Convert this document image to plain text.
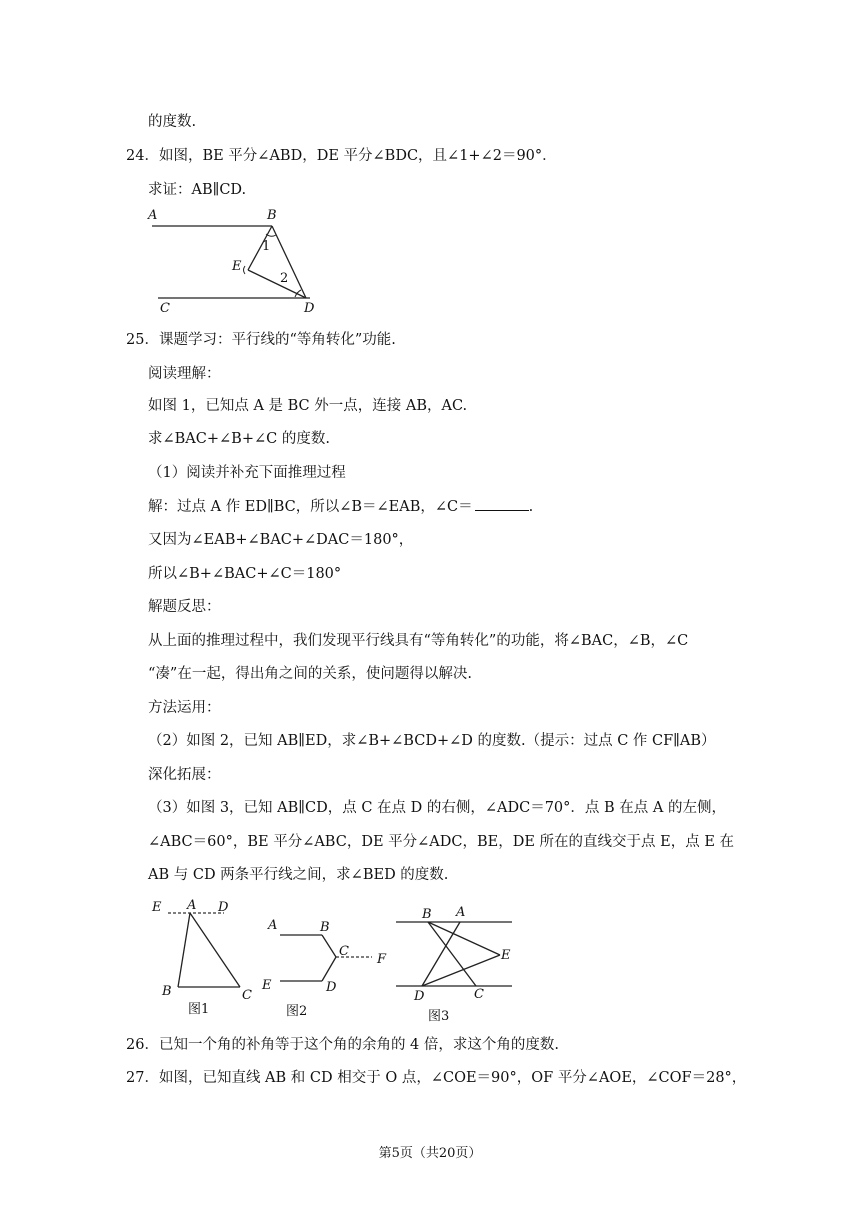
的度数.
24．如图，BE 平分∠ABD，DE 平分∠BDC，且∠1+∠2＝90°．
求证：AB∥CD.
A	B
E
1
2
C	D
25．课题学习：平行线的“等角转化”功能.
阅读理解：
如图 1，已知点 A 是 BC 外一点，连接 AB，AC.
求∠BAC+∠B+∠C 的度数.
（1）阅读并补充下面推理过程
解：过点 A 作 ED∥BC，所以∠B＝∠EAB，∠C＝	.
又因为∠EAB+∠BAC+∠DAC＝180°，
所以∠B+∠BAC+∠C＝180°
解题反思：
从上面的推理过程中，我们发现平行线具有“等角转化”的功能，将∠BAC，∠B，∠C
“凑”在一起，得出角之间的关系，使问题得以解决.
方法运用：
（2）如图 2，已知 AB∥ED，求∠B+∠BCD+∠D 的度数.（提示：过点 C 作 CF∥AB）
深化拓展：
（3）如图 3，已知 AB∥CD，点 C 在点 D 的右侧，∠ADC＝70°．点 B 在点 A 的左侧，
∠ABC＝60°，BE 平分∠ABC，DE 平分∠ADC，BE，DE 所在的直线交于点 E，点 E 在
AB 与 CD 两条平行线之间，求∠BED 的度数.
E A D
B	C
图1
A	B
C
F
E	D
图2
B A
E
D	C
图3
26．已知一个角的补角等于这个角的余角的 4 倍，求这个角的度数.
27．如图，已知直线 AB 和 CD 相交于 O 点，∠COE＝90°，OF 平分∠AOE，∠COF＝28°，
第5页（共20页）
